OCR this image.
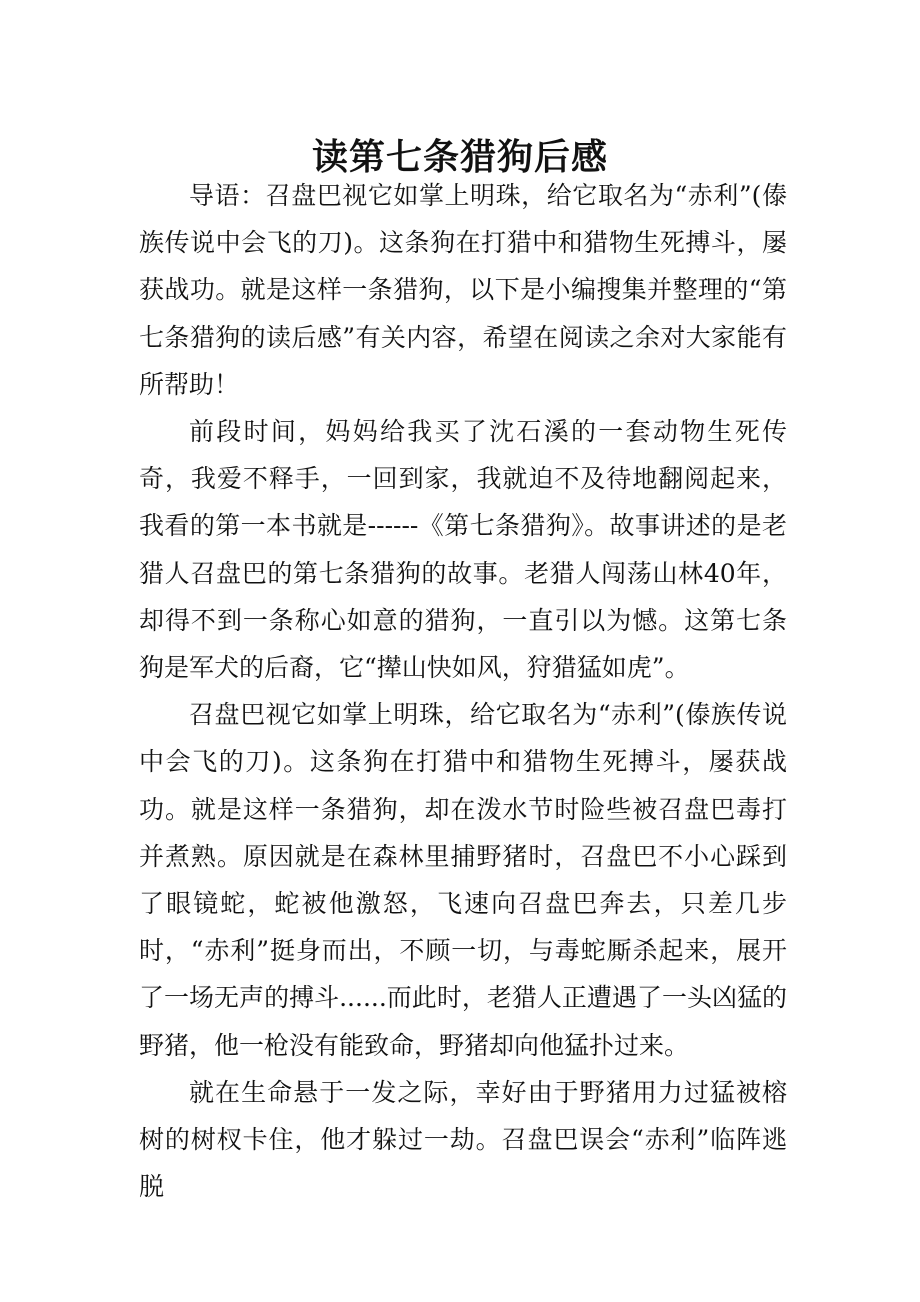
读第七条猎狗后感

导语：召盘巴视它如掌上明珠，给它取名为“赤利”(傣族传说中会飞的刀)。这条狗在打猎中和猎物生死搏斗，屡获战功。就是这样一条猎狗，以下是小编搜集并整理的“第七条猎狗的读后感”有关内容，希望在阅读之余对大家能有所帮助！

前段时间，妈妈给我买了沈石溪的一套动物生死传奇，我爱不释手，一回到家，我就迫不及待地翻阅起来，我看的第一本书就是------《第七条猎狗》。故事讲述的是老猎人召盘巴的第七条猎狗的故事。老猎人闯荡山林40年，却得不到一条称心如意的猎狗，一直引以为憾。这第七条狗是军犬的后裔，它“撵山快如风，狩猎猛如虎”。

召盘巴视它如掌上明珠，给它取名为“赤利”(傣族传说中会飞的刀)。这条狗在打猎中和猎物生死搏斗，屡获战功。就是这样一条猎狗，却在泼水节时险些被召盘巴毒打并煮熟。原因就是在森林里捕野猪时，召盘巴不小心踩到了眼镜蛇，蛇被他激怒，飞速向召盘巴奔去，只差几步时，“赤利”挺身而出，不顾一切，与毒蛇厮杀起来，展开了一场无声的搏斗......而此时，老猎人正遭遇了一头凶猛的野猪，他一枪没有能致命，野猪却向他猛扑过来。

就在生命悬于一发之际，幸好由于野猪用力过猛被榕树的树杈卡住，他才躲过一劫。召盘巴误会“赤利”临阵逃脱
